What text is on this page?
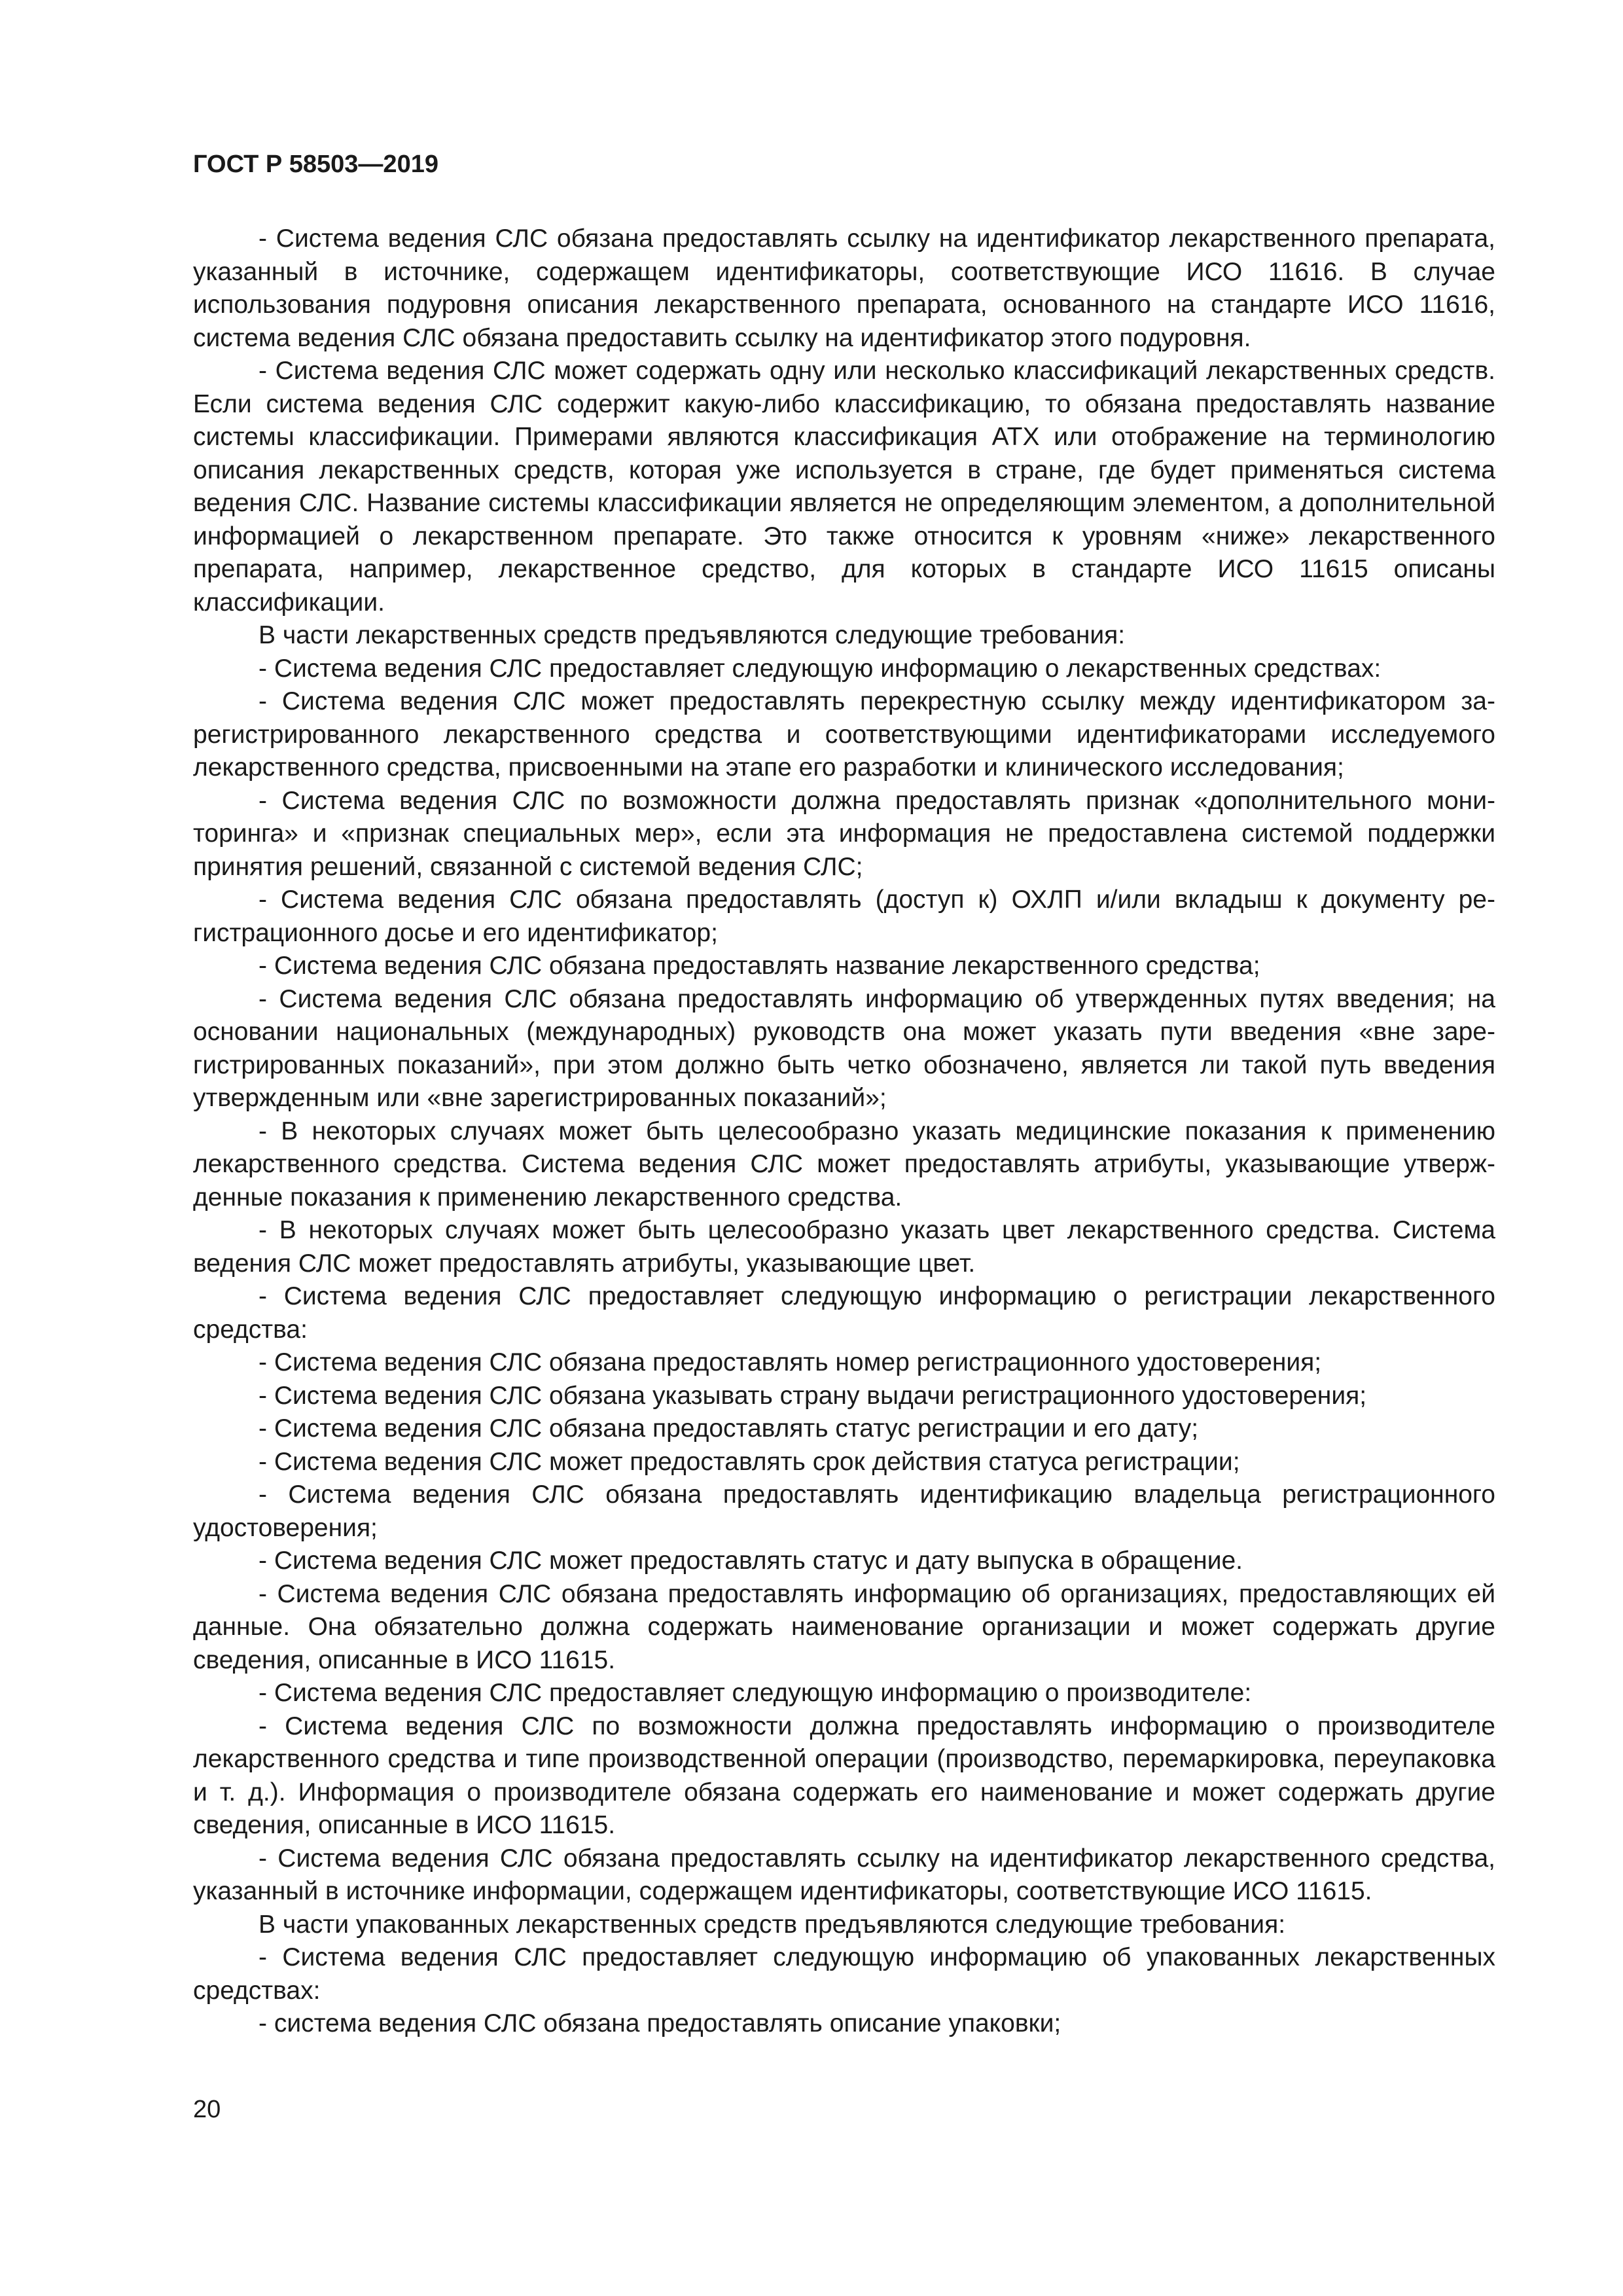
ГОСТ Р 58503—2019

- Система ведения СЛС обязана предоставлять ссылку на идентификатор лекарственного препарата, указанный в источнике, содержащем идентификаторы, соответствующие ИСО 11616. В случае использования подуровня описания лекарственного препарата, основанного на стандарте ИСО 11616, система ведения СЛС обязана предоставить ссылку на идентификатор этого подуровня.

- Система ведения СЛС может содержать одну или несколько классификаций лекарственных средств. Если система ведения СЛС содержит какую-либо классификацию, то обязана предоставлять название системы классификации. Примерами являются классификация АТХ или отображение на терминологию описания лекарственных средств, которая уже используется в стране, где будет применяться система ведения СЛС. Название системы классификации является не определяющим элементом, а дополнительной информацией о лекарственном препарате. Это также относится к уровням «ниже» лекарственного препарата, например, лекарственное средство, для которых в стандарте ИСО 11615 описаны классификации.

В части лекарственных средств предъявляются следующие требования:

- Система ведения СЛС предоставляет следующую информацию о лекарственных средствах:

- Система ведения СЛС может предоставлять перекрестную ссылку между идентификатором зарегистрированного лекарственного средства и соответствующими идентификаторами исследуемого лекарственного средства, присвоенными на этапе его разработки и клинического исследования;

- Система ведения СЛС по возможности должна предоставлять признак «дополнительного мониторинга» и «признак специальных мер», если эта информация не предоставлена системой поддержки принятия решений, связанной с системой ведения СЛС;

- Система ведения СЛС обязана предоставлять (доступ к) ОХЛП и/или вкладыш к документу регистрационного досье и его идентификатор;

- Система ведения СЛС обязана предоставлять название лекарственного средства;

- Система ведения СЛС обязана предоставлять информацию об утвержденных путях введения; на основании национальных (международных) руководств она может указать пути введения «вне зарегистрированных показаний», при этом должно быть четко обозначено, является ли такой путь введения утвержденным или «вне зарегистрированных показаний»;

- В некоторых случаях может быть целесообразно указать медицинские показания к применению лекарственного средства. Система ведения СЛС может предоставлять атрибуты, указывающие утвержденные показания к применению лекарственного средства.

- В некоторых случаях может быть целесообразно указать цвет лекарственного средства. Система ведения СЛС может предоставлять атрибуты, указывающие цвет.

- Система ведения СЛС предоставляет следующую информацию о регистрации лекарственного средства:

- Система ведения СЛС обязана предоставлять номер регистрационного удостоверения;

- Система ведения СЛС обязана указывать страну выдачи регистрационного удостоверения;

- Система ведения СЛС обязана предоставлять статус регистрации и его дату;

- Система ведения СЛС может предоставлять срок действия статуса регистрации;

- Система ведения СЛС обязана предоставлять идентификацию владельца регистрационного удостоверения;

- Система ведения СЛС может предоставлять статус и дату выпуска в обращение.

- Система ведения СЛС обязана предоставлять информацию об организациях, предоставляющих ей данные. Она обязательно должна содержать наименование организации и может содержать другие сведения, описанные в ИСО 11615.

- Система ведения СЛС предоставляет следующую информацию о производителе:

- Система ведения СЛС по возможности должна предоставлять информацию о производителе лекарственного средства и типе производственной операции (производство, перемаркировка, переупаковка и т. д.). Информация о производителе обязана содержать его наименование и может содержать другие сведения, описанные в ИСО 11615.

- Система ведения СЛС обязана предоставлять ссылку на идентификатор лекарственного средства, указанный в источнике информации, содержащем идентификаторы, соответствующие ИСО 11615.

В части упакованных лекарственных средств предъявляются следующие требования:

- Система ведения СЛС предоставляет следующую информацию об упакованных лекарственных средствах:

- система ведения СЛС обязана предоставлять описание упаковки;

20
